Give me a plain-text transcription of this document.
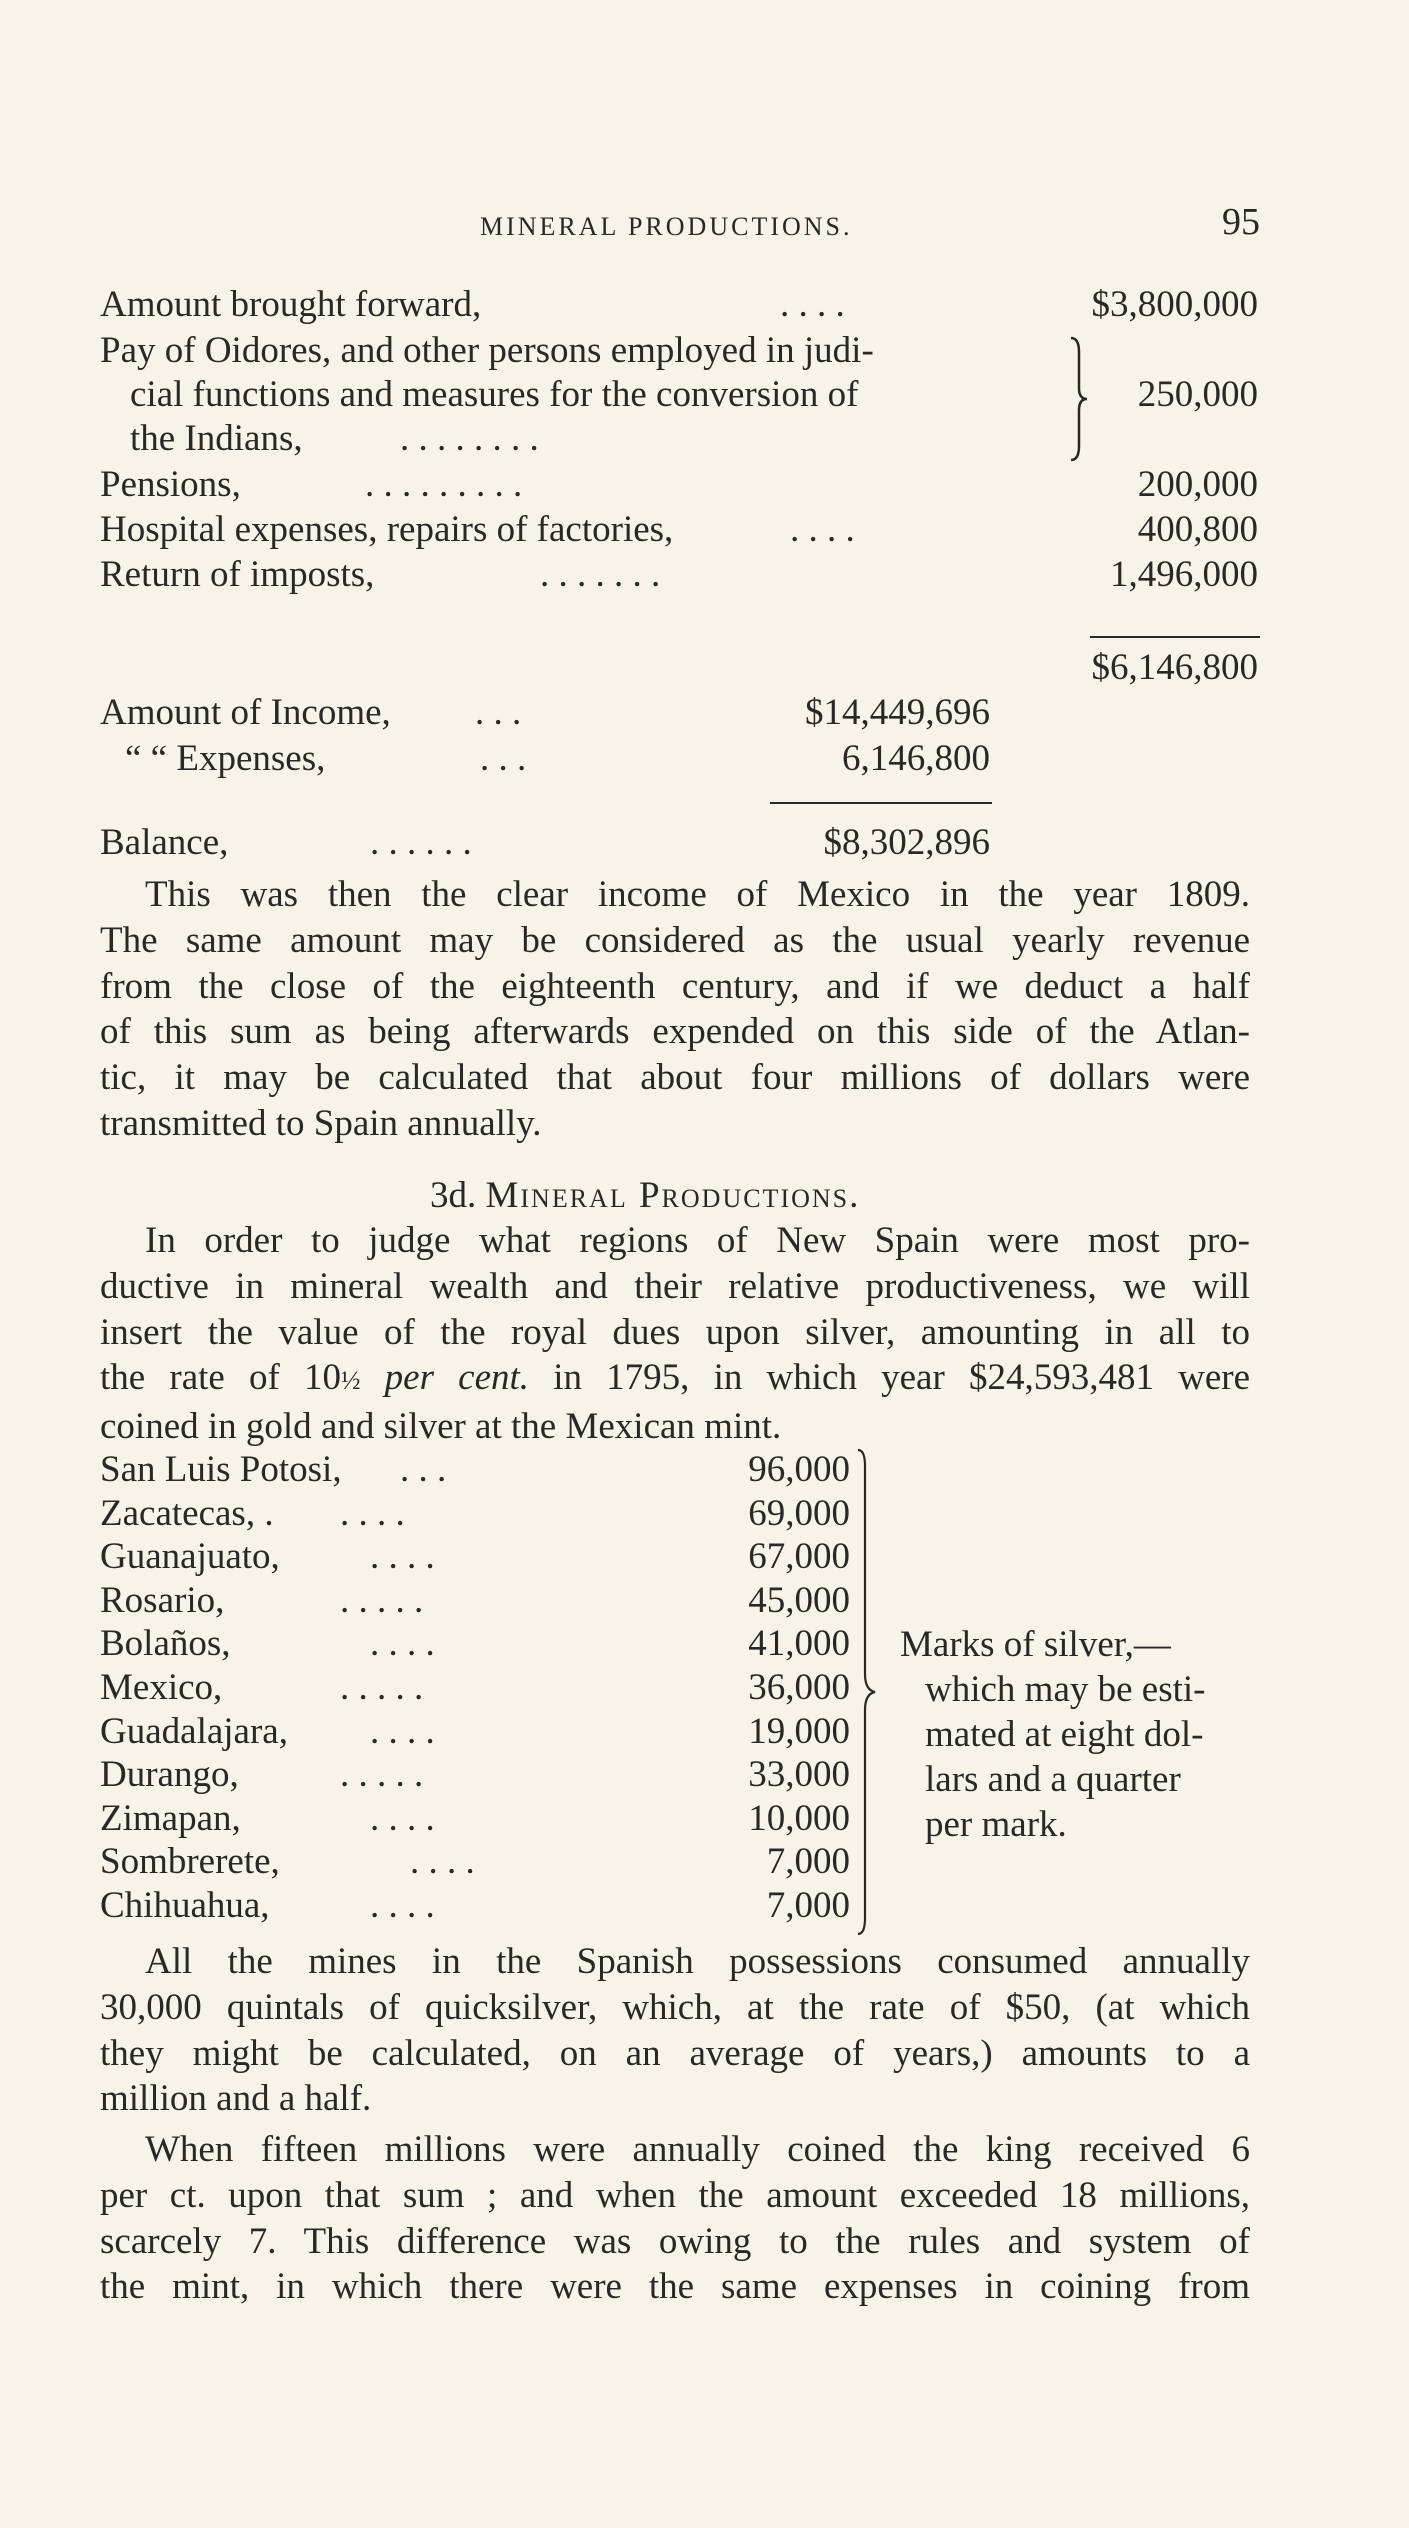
MINERAL PRODUCTIONS.	95
Amount brought forward,	. . . .	$3,800,000
Pay of Oidores, and other persons employed in judi-
cial functions and measures for the conversion of
the Indians,	. . . . . . . .
250,000
Pensions,	. . . . . . . . .	200,000
Hospital expenses, repairs of factories,	. . . .	400,800
Return of imposts,	. . . . . . .	1,496,000
$6,146,800
Amount of Income, . . .	$14,449,696
“ “ Expenses,	. . .	6,146,800
Balance,	. . . . . .	$8,302,896
This was then the clear income of Mexico in the year 1809.
The same amount may be considered as the usual yearly revenue
from the close of the eighteenth century, and if we deduct a half
of this sum as being afterwards expended on this side of the Atlan-
tic, it may be calculated that about four millions of dollars were
transmitted to Spain annually.
3d. Mineral Productions.
In order to judge what regions of New Spain were most pro-
ductive in mineral wealth and their relative productiveness, we will
insert the value of the royal dues upon silver, amounting in all to
the rate of 10½ per cent. in 1795, in which year $24,593,481 were
coined in gold and silver at the Mexican mint.
San Luis Potosi, . . .	96,000
Zacatecas, . . . . .	69,000
Guanajuato, . . . .	67,000
Rosario,	. . . . .	45,000
Bolaños,	. . . .	41,000
Mexico,	. . . . .	36,000
Guadalajara, . . . .	19,000
Durango,	. . . . .	33,000
Zimapan,	. . . .	10,000
Sombrerete,	. . . .	7,000
Chihuahua,	. . . .	7,000
Marks of silver,—
which may be esti-
mated at eight dol-
lars and a quarter
per mark.
All the mines in the Spanish possessions consumed annually
30,000 quintals of quicksilver, which, at the rate of $50, (at which
they might be calculated, on an average of years,) amounts to a
million and a half.
When fifteen millions were annually coined the king received 6
per ct. upon that sum ; and when the amount exceeded 18 millions,
scarcely 7. This difference was owing to the rules and system of
the mint, in which there were the same expenses in coining from
